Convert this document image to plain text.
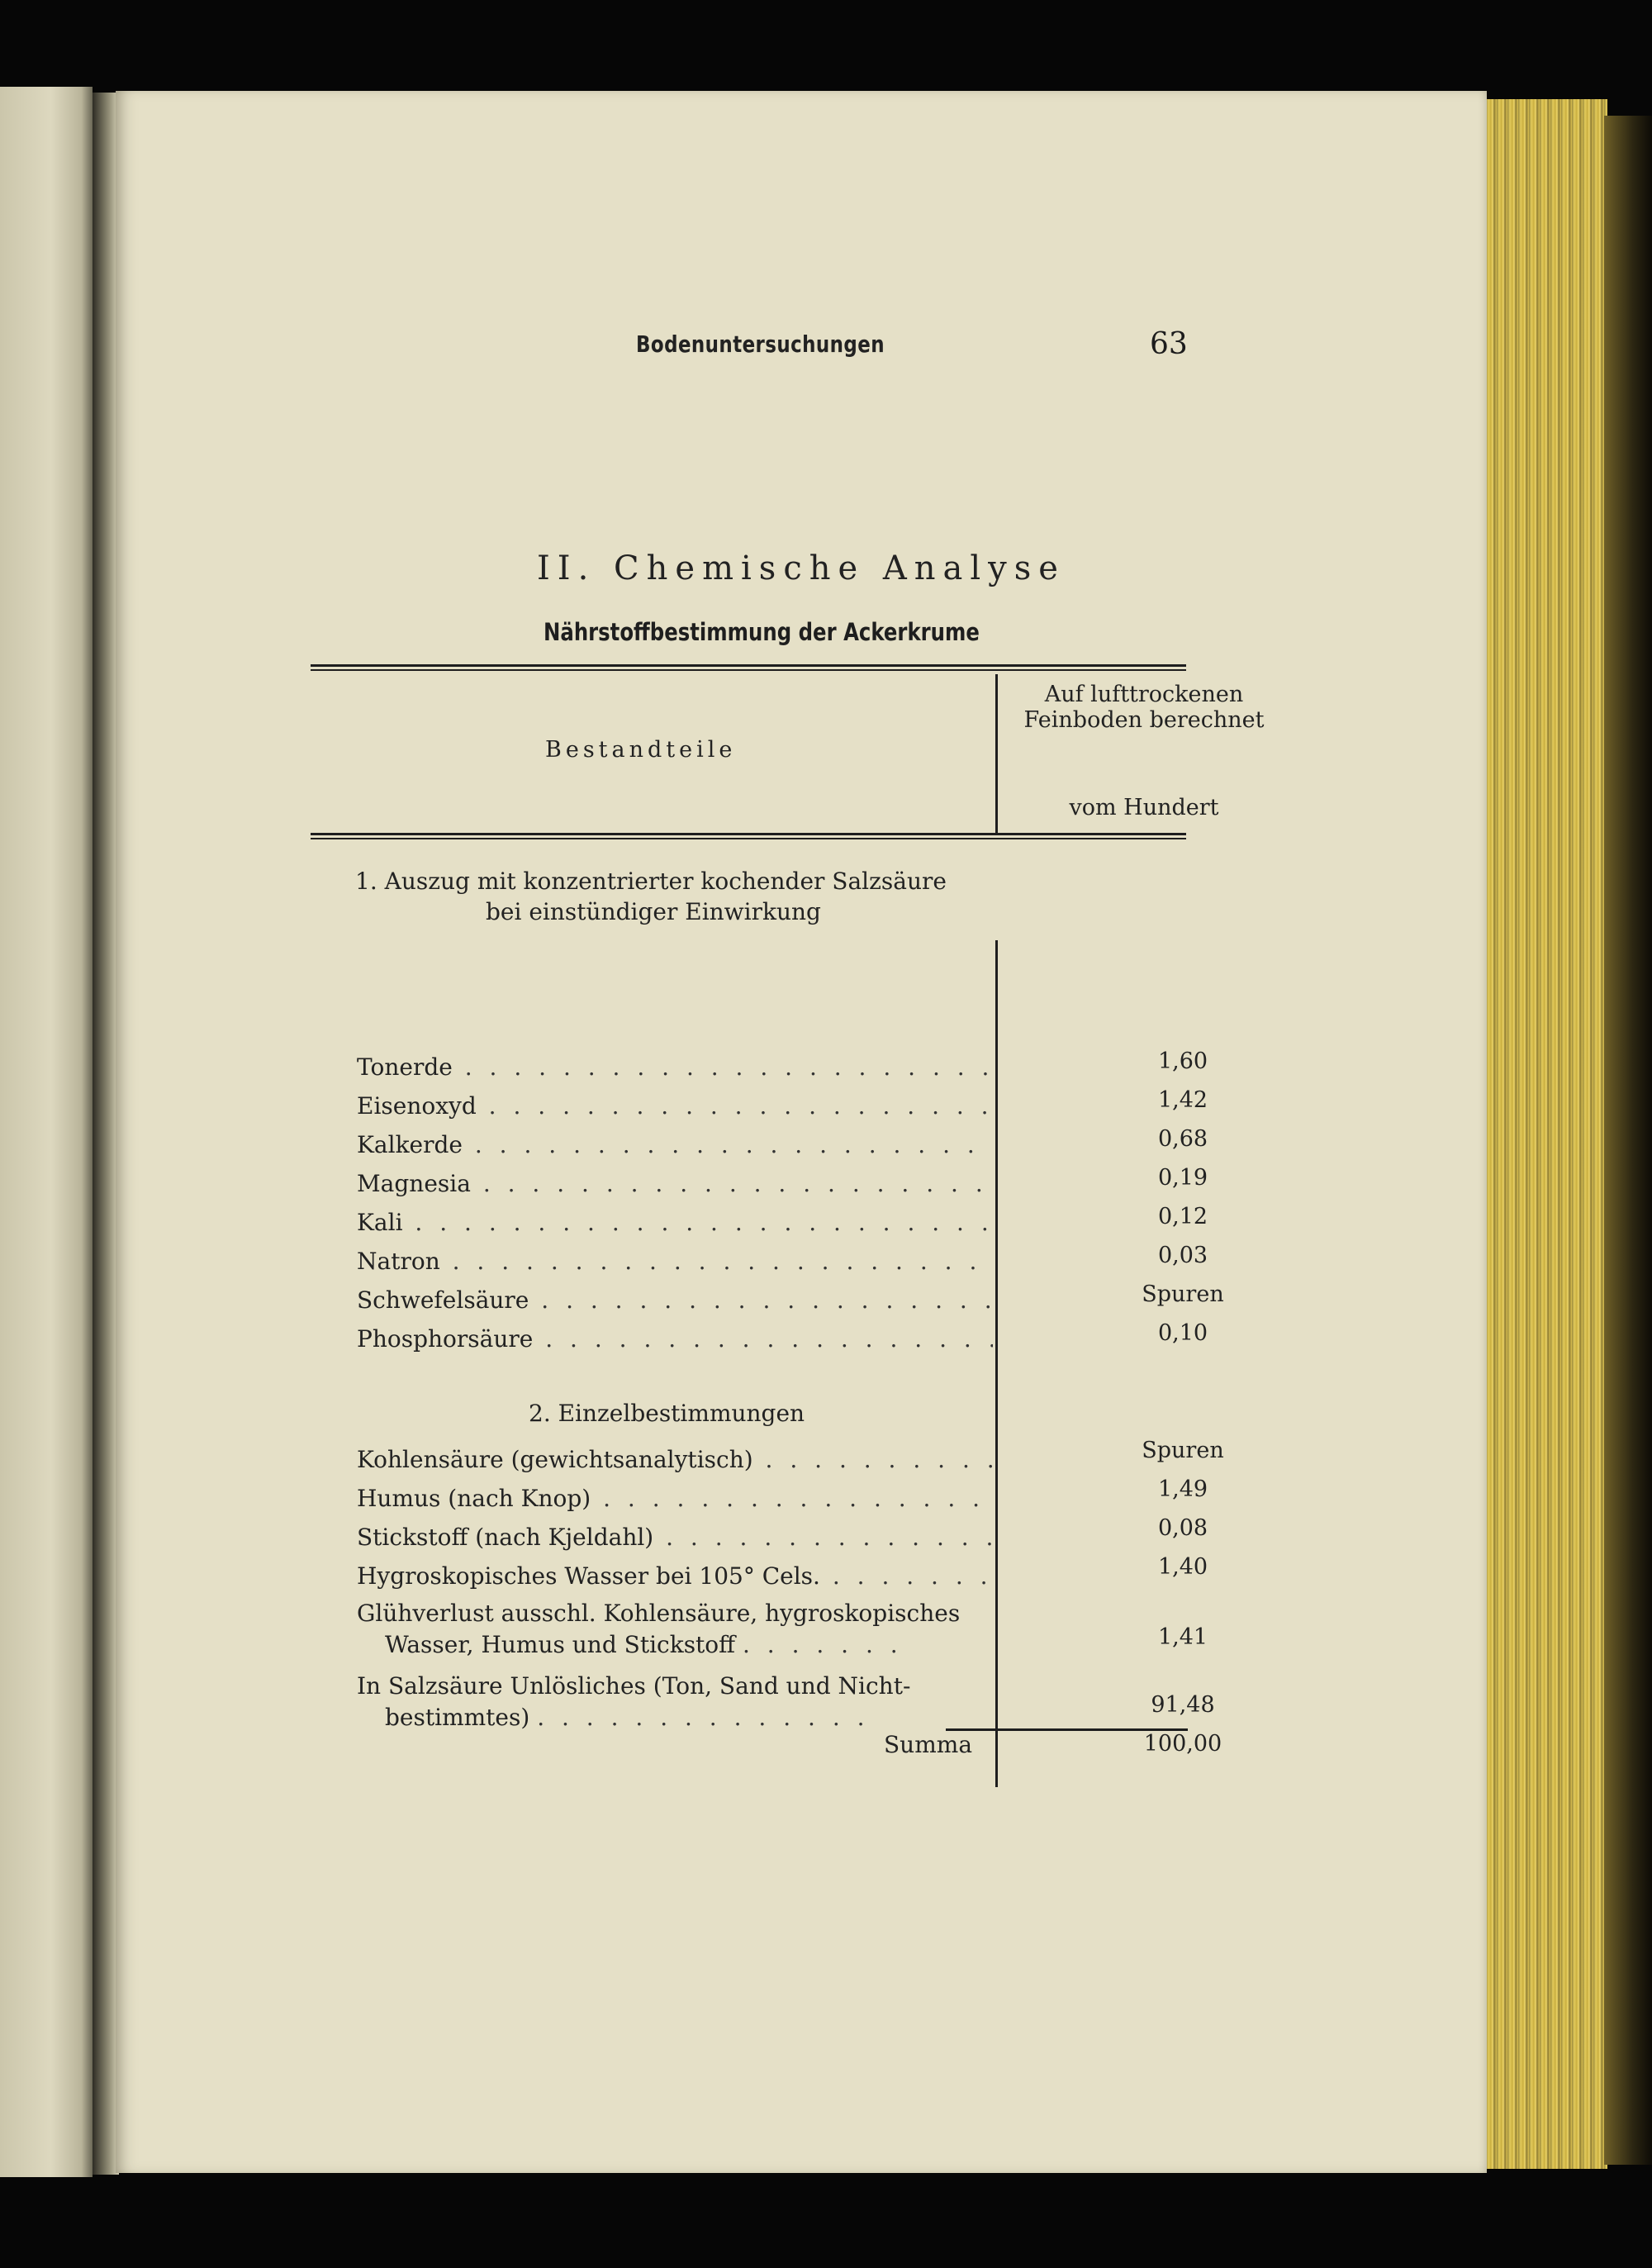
Bodenuntersuchungen	63
II. Chemische Analyse
Nährstoffbestimmung der Ackerkrume
Bestandteile
Auf lufttrockenen Feinboden berechnet
vom Hundert
1. Auszug mit konzentrierter kochender Salzsäure
bei einstündiger Einwirkung
Tonerde . . .	1,60
Eisenoxyd . . .	1,42
Kalkerde . . .	0,68
Magnesia . . .	0,19
Kali . . .	0,12
Natron . . .	0,03
Schwefelsäure . . .	Spuren
Phosphorsäure . . .	0,10
2. Einzelbestimmungen
Kohlensäure (gewichtsanalytisch) . . .	Spuren
Humus (nach Knop) . . .	1,49
Stickstoff (nach Kjeldahl) . . .	0,08
Hygroskopisches Wasser bei 105° Cels. . . .	1,40
Glühverlust ausschl. Kohlensäure, hygroskopisches
Wasser, Humus und Stickstoff . . . . . . .	1,41
In Salzsäure Unlösliches (Ton, Sand und Nicht-
bestimmtes) . . . . . . . . . . . . . .	91,48
Summa	100,00
